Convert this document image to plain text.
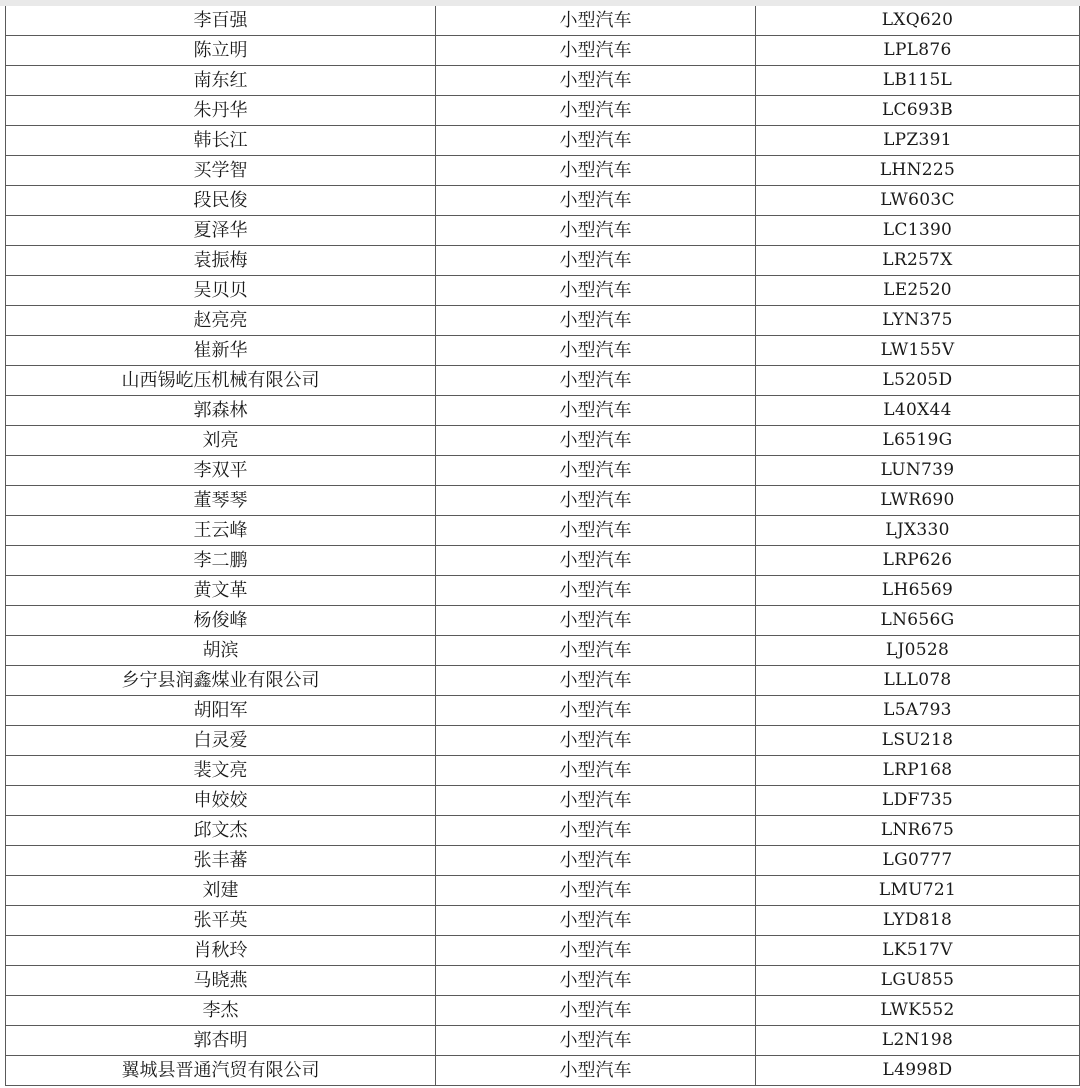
李百强	小型汽车	LXQ620
陈立明	小型汽车	LPL876
南东红	小型汽车	LB115L
朱丹华	小型汽车	LC693B
韩长江	小型汽车	LPZ391
买学智	小型汽车	LHN225
段民俊	小型汽车	LW603C
夏泽华	小型汽车	LC1390
袁振梅	小型汽车	LR257X
吴贝贝	小型汽车	LE2520
赵亮亮	小型汽车	LYN375
崔新华	小型汽车	LW155V
山西锡屹压机械有限公司	小型汽车	L5205D
郭森林	小型汽车	L40X44
刘亮	小型汽车	L6519G
李双平	小型汽车	LUN739
董琴琴	小型汽车	LWR690
王云峰	小型汽车	LJX330
李二鹏	小型汽车	LRP626
黄文革	小型汽车	LH6569
杨俊峰	小型汽车	LN656G
胡滨	小型汽车	LJ0528
乡宁县润鑫煤业有限公司	小型汽车	LLL078
胡阳军	小型汽车	L5A793
白灵爱	小型汽车	LSU218
裴文亮	小型汽车	LRP168
申姣姣	小型汽车	LDF735
邱文杰	小型汽车	LNR675
张丰蕃	小型汽车	LG0777
刘建	小型汽车	LMU721
张平英	小型汽车	LYD818
肖秋玲	小型汽车	LK517V
马晓燕	小型汽车	LGU855
李杰	小型汽车	LWK552
郭杏明	小型汽车	L2N198
翼城县晋通汽贸有限公司	小型汽车	L4998D
